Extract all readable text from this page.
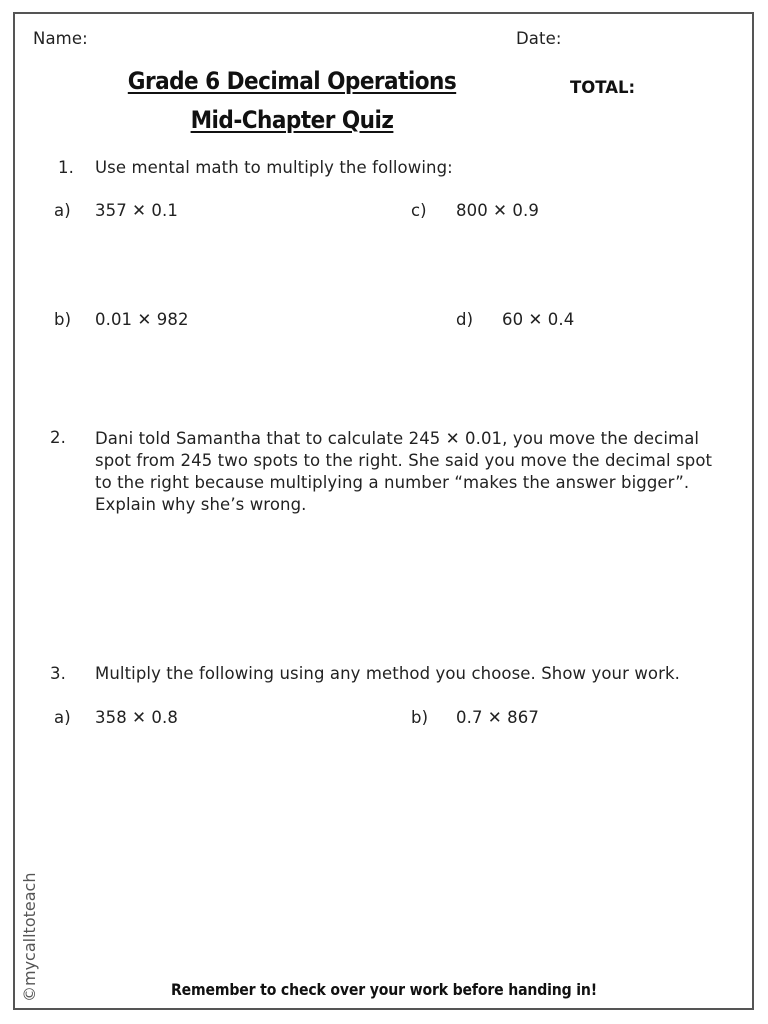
Name:	Date:
Grade 6 Decimal Operations
Mid-Chapter Quiz
TOTAL:
1. Use mental math to multiply the following:
a) 357 ✕ 0.1	c) 800 ✕ 0.9
b) 0.01 ✕ 982	d) 60 ✕ 0.4
2. Dani told Samantha that to calculate 245 ✕ 0.01, you move the decimal spot from 245 two spots to the right. She said you move the decimal spot to the right because multiplying a number “makes the answer bigger”. Explain why she’s wrong.
3. Multiply the following using any method you choose. Show your work.
a) 358 ✕ 0.8	b) 0.7 ✕ 867
©mycalltoteach	Remember to check over your work before handing in!
